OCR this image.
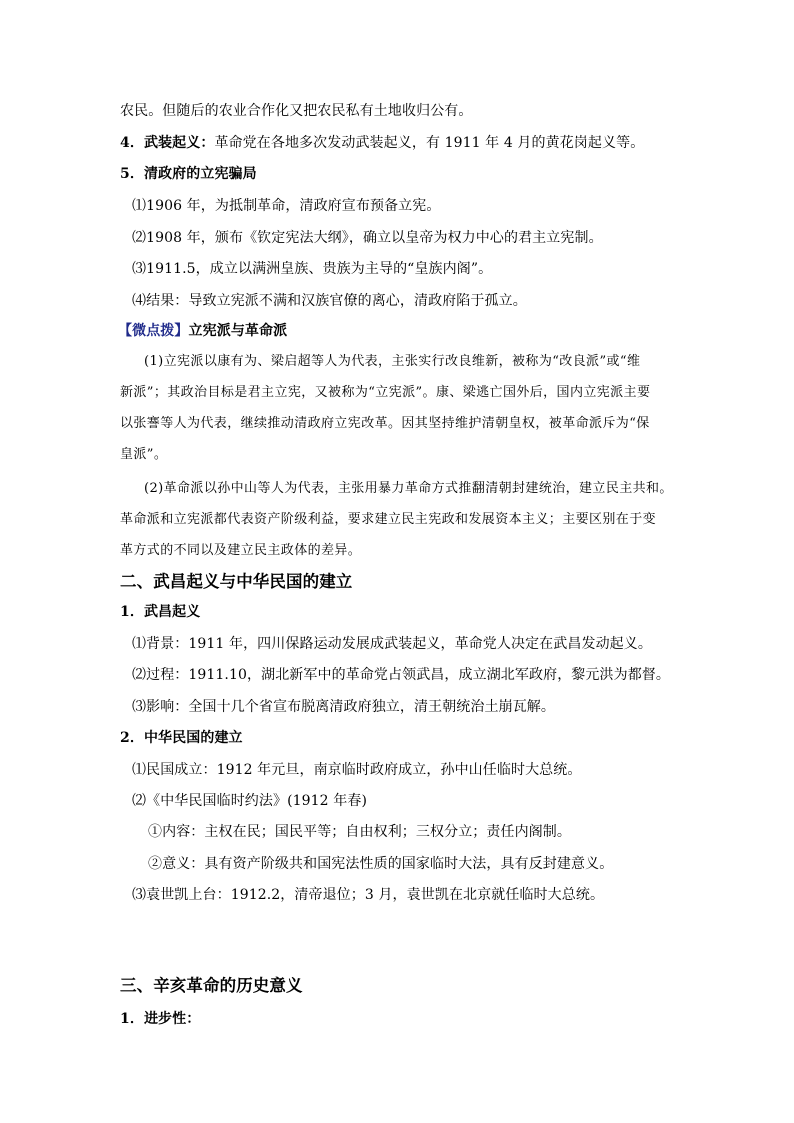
农民。但随后的农业合作化又把农民私有土地收归公有。
4．武装起义：革命党在各地多次发动武装起义，有 1911 年 4 月的黄花岗起义等。
5．清政府的立宪骗局
⑴1906 年，为抵制革命，清政府宣布预备立宪。
⑵1908 年，颁布《钦定宪法大纲》，确立以皇帝为权力中心的君主立宪制。
⑶1911.5，成立以满洲皇族、贵族为主导的“皇族内阁”。
⑷结果：导致立宪派不满和汉族官僚的离心，清政府陷于孤立。
【微点拨】立宪派与革命派
(1)立宪派以康有为、梁启超等人为代表，主张实行改良维新，被称为“改良派”或“维
新派”；其政治目标是君主立宪，又被称为“立宪派”。康、梁逃亡国外后，国内立宪派主要
以张謇等人为代表，继续推动清政府立宪改革。因其坚持维护清朝皇权，被革命派斥为“保
皇派”。
(2)革命派以孙中山等人为代表，主张用暴力革命方式推翻清朝封建统治，建立民主共和。
革命派和立宪派都代表资产阶级利益，要求建立民主宪政和发展资本主义；主要区别在于变
革方式的不同以及建立民主政体的差异。
二、武昌起义与中华民国的建立
1．武昌起义
⑴背景：1911 年，四川保路运动发展成武装起义，革命党人决定在武昌发动起义。
⑵过程：1911.10，湖北新军中的革命党占领武昌，成立湖北军政府，黎元洪为都督。
⑶影响：全国十几个省宣布脱离清政府独立，清王朝统治土崩瓦解。
2．中华民国的建立
⑴民国成立：1912 年元旦，南京临时政府成立，孙中山任临时大总统。
⑵《中华民国临时约法》(1912 年春)
①内容：主权在民；国民平等；自由权利；三权分立；责任内阁制。
②意义：具有资产阶级共和国宪法性质的国家临时大法，具有反封建意义。
⑶袁世凯上台：1912.2，清帝退位；3 月，袁世凯在北京就任临时大总统。
三、辛亥革命的历史意义
1．进步性：
